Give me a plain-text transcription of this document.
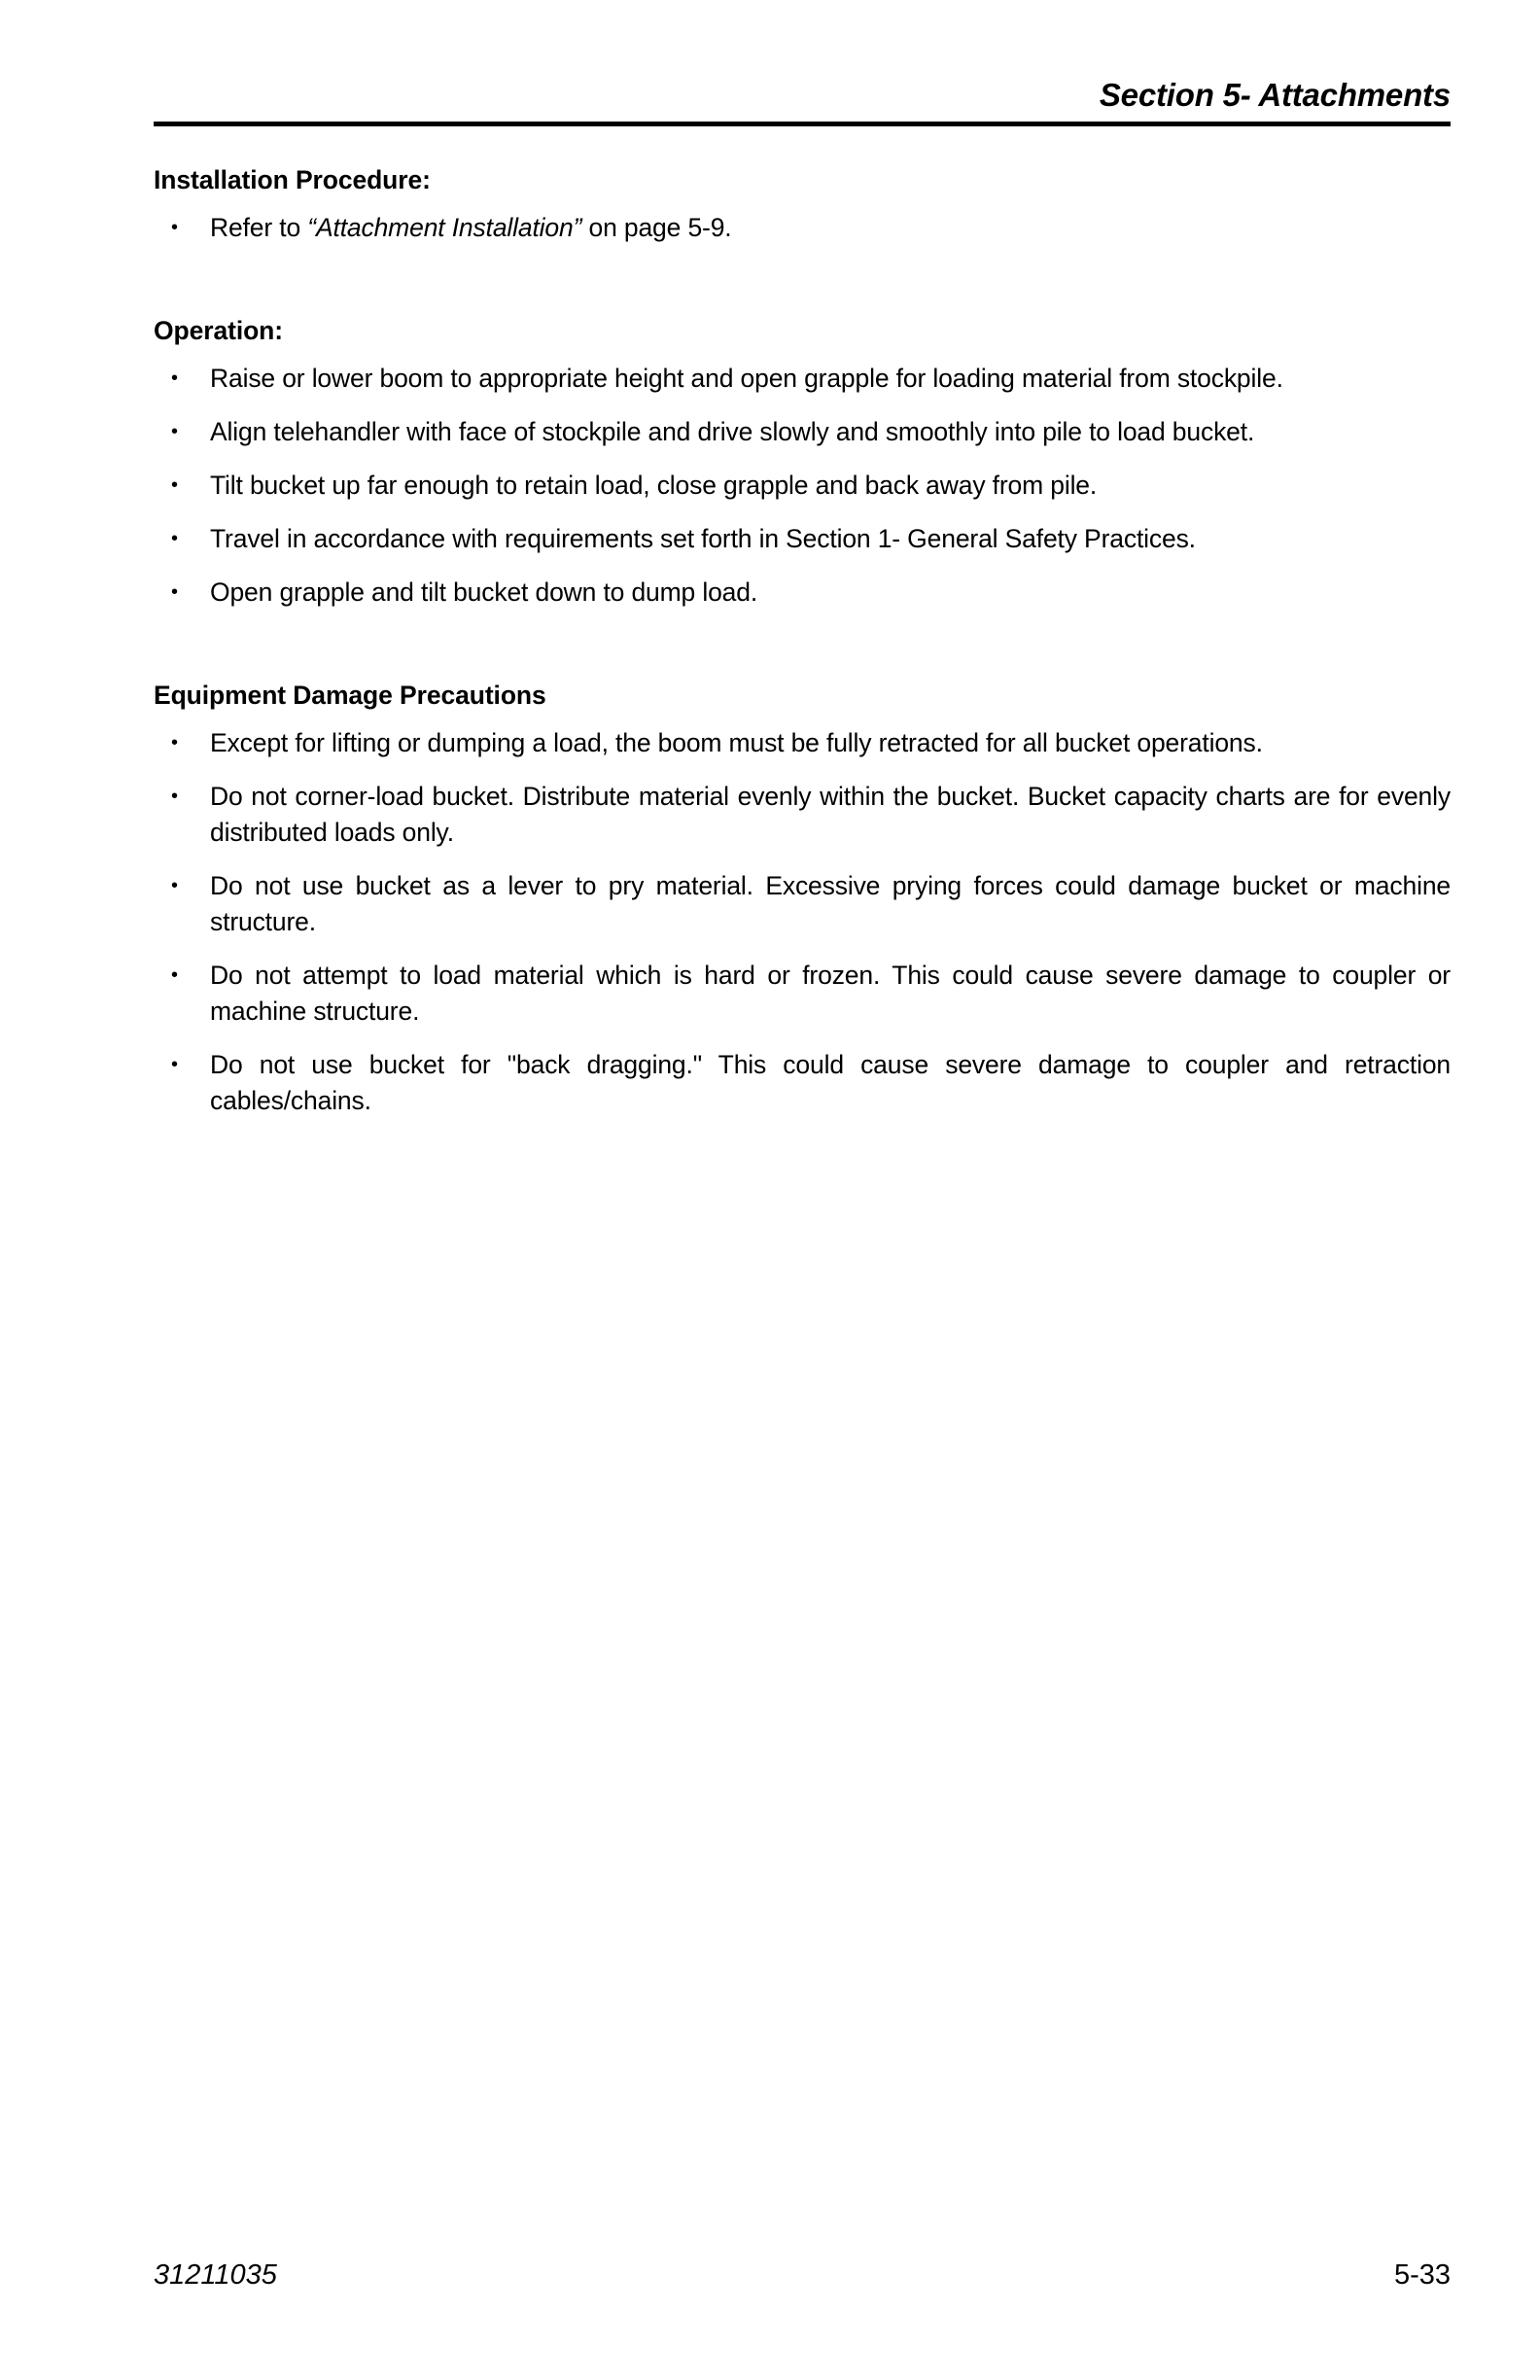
Section 5- Attachments
Installation Procedure:
• Refer to “Attachment Installation” on page 5-9.
Operation:
• Raise or lower boom to appropriate height and open grapple for loading material from stockpile.
• Align telehandler with face of stockpile and drive slowly and smoothly into pile to load bucket.
• Tilt bucket up far enough to retain load, close grapple and back away from pile.
• Travel in accordance with requirements set forth in Section 1- General Safety Practices.
• Open grapple and tilt bucket down to dump load.
Equipment Damage Precautions
• Except for lifting or dumping a load, the boom must be fully retracted for all bucket operations.
• Do not corner-load bucket. Distribute material evenly within the bucket. Bucket capacity charts are for evenly distributed loads only.
• Do not use bucket as a lever to pry material. Excessive prying forces could damage bucket or machine structure.
• Do not attempt to load material which is hard or frozen. This could cause severe damage to coupler or machine structure.
• Do not use bucket for "back dragging." This could cause severe damage to coupler and retraction cables/chains.
31211035	5-33
